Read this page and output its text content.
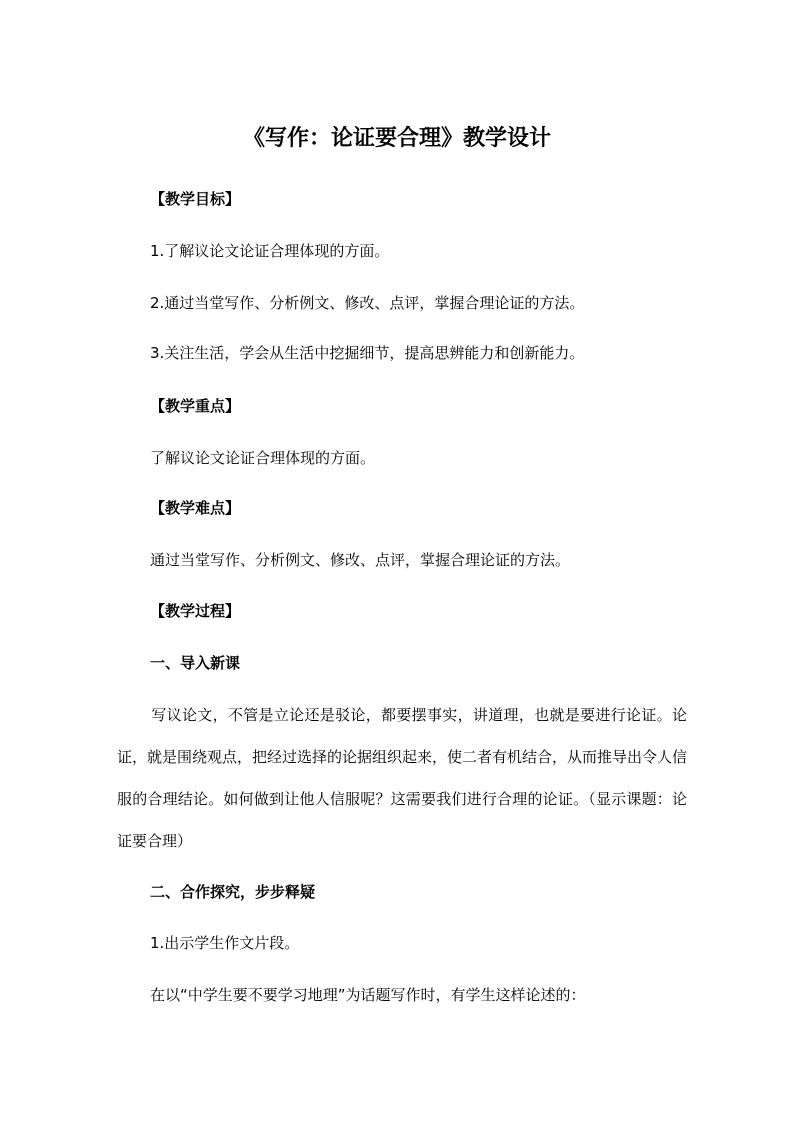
《写作：论证要合理》教学设计
【教学目标】
1.了解议论文论证合理体现的方面。
2.通过当堂写作、分析例文、修改、点评，掌握合理论证的方法。
3.关注生活，学会从生活中挖掘细节，提高思辨能力和创新能力。
【教学重点】
了解议论文论证合理体现的方面。
【教学难点】
通过当堂写作、分析例文、修改、点评，掌握合理论证的方法。
【教学过程】
一、导入新课
写议论文，不管是立论还是驳论，都要摆事实，讲道理，也就是要进行论证。论证，就是围绕观点，把经过选择的论据组织起来，使二者有机结合，从而推导出令人信服的合理结论。如何做到让他人信服呢？这需要我们进行合理的论证。（显示课题：论证要合理）
二、合作探究，步步释疑
1.出示学生作文片段。
在以“中学生要不要学习地理”为话题写作时，有学生这样论述的：
